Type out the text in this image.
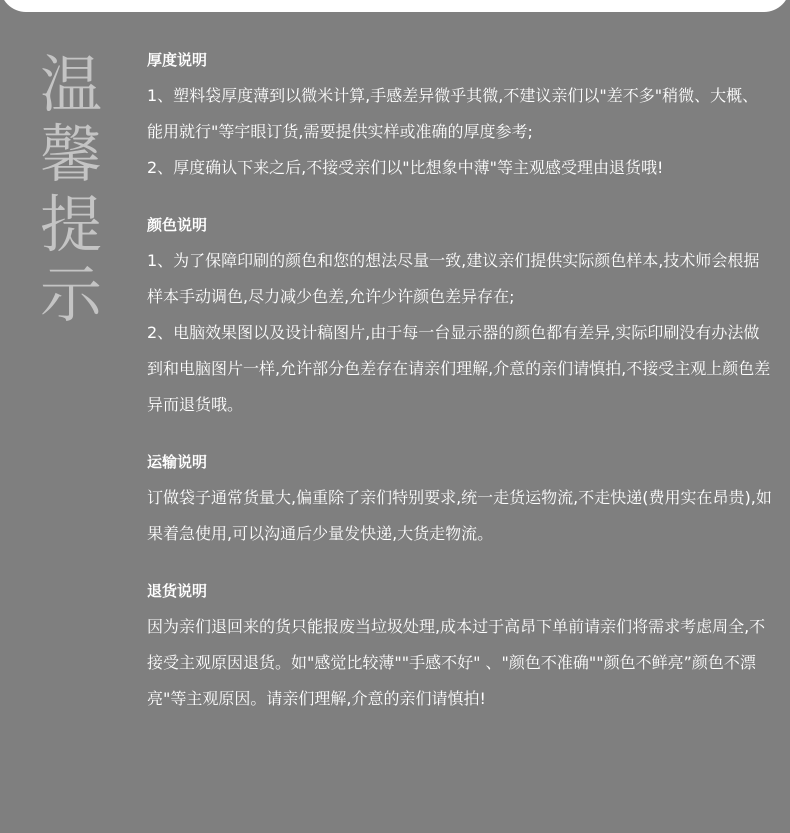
温
馨
提
示
厚度说明

1、塑料袋厚度薄到以微米计算,手感差异微乎其微,不建议亲们以"差不多"稍微、大概、能用就行"等宇眼订货,需要提供实样或准确的厚度参考;

2、厚度确认下来之后,不接受亲们以"比想象中薄"等主观感受理由退货哦!

颜色说明

1、为了保障印刷的颜色和您的想法尽量一致,建议亲们提供实际颜色样本,技术师会根据样本手动调色,尽力减少色差,允许少许颜色差异存在;

2、电脑效果图以及设计稿图片,由于每一台显示器的颜色都有差异,实际印刷没有办法做到和电脑图片一样,允许部分色差存在请亲们理解,介意的亲们请慎拍,不接受主观上颜色差异而退货哦。

运输说明

订做袋子通常货量大,偏重除了亲们特别要求,统一走货运物流,不走快递(费用实在昂贵),如果着急使用,可以沟通后少量发快递,大货走物流。

退货说明

因为亲们退回来的货只能报废当垃圾处理,成本过于高昂下单前请亲们将需求考虑周全,不接受主观原因退货。如"感觉比较薄""手感不好" 、"颜色不准确""颜色不鲜亮”颜色不漂亮"等主观原因。请亲们理解,介意的亲们请慎拍!
